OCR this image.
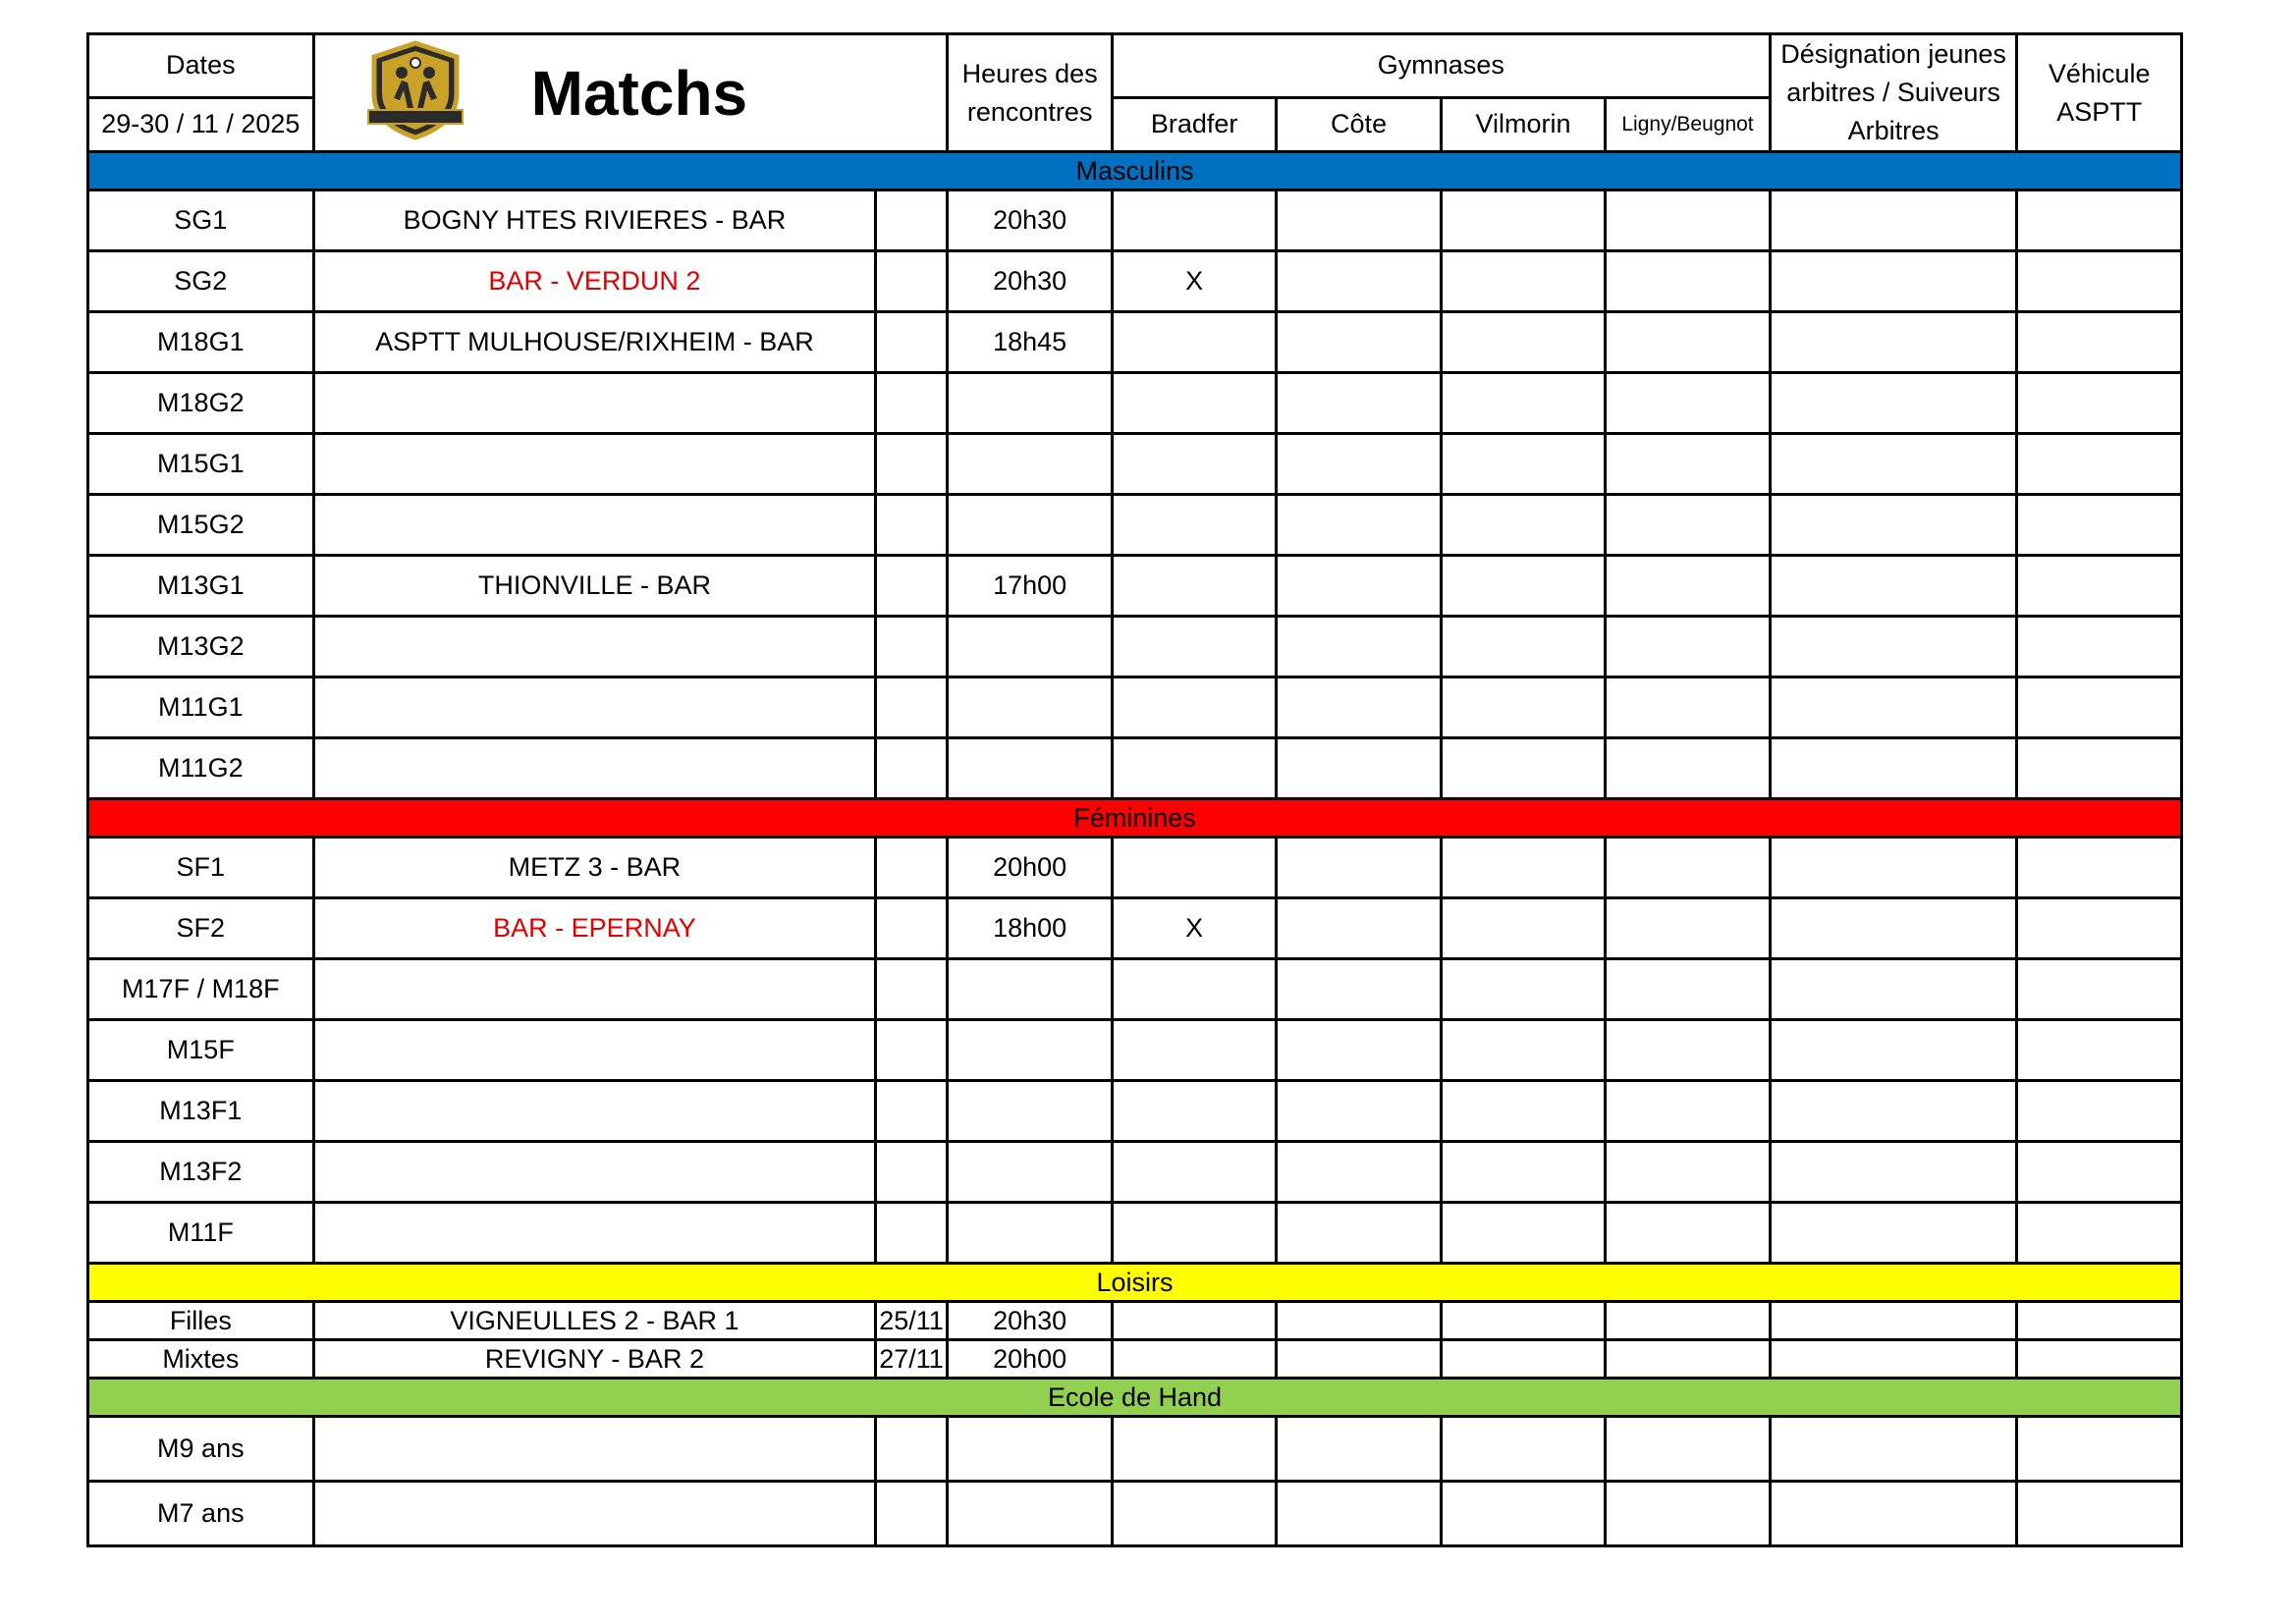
Dates	Matchs		Heures des rencontres	Gymnases				Désignation jeunes arbitres / Suiveurs Arbitres	Véhicule ASPTT
29-30 / 11 / 2025				Bradfer	Côte	Vilmorin	Ligny/Beugnot		
Masculins									
SG1	BOGNY HTES RIVIERES - BAR		20h30						
SG2	BAR - VERDUN 2		20h30	X					
M18G1	ASPTT MULHOUSE/RIXHEIM - BAR		18h45						
M18G2									
M15G1									
M15G2									
M13G1	THIONVILLE - BAR		17h00						
M13G2									
M11G1									
M11G2									
Féminines									
SF1	METZ 3 - BAR		20h00						
SF2	BAR - EPERNAY		18h00	X					
M17F / M18F									
M15F									
M13F1									
M13F2									
M11F									
Loisirs									
Filles	VIGNEULLES 2 - BAR 1	25/11	20h30						
Mixtes	REVIGNY - BAR 2	27/11	20h00						
Ecole de Hand									
M9 ans									
M7 ans									
